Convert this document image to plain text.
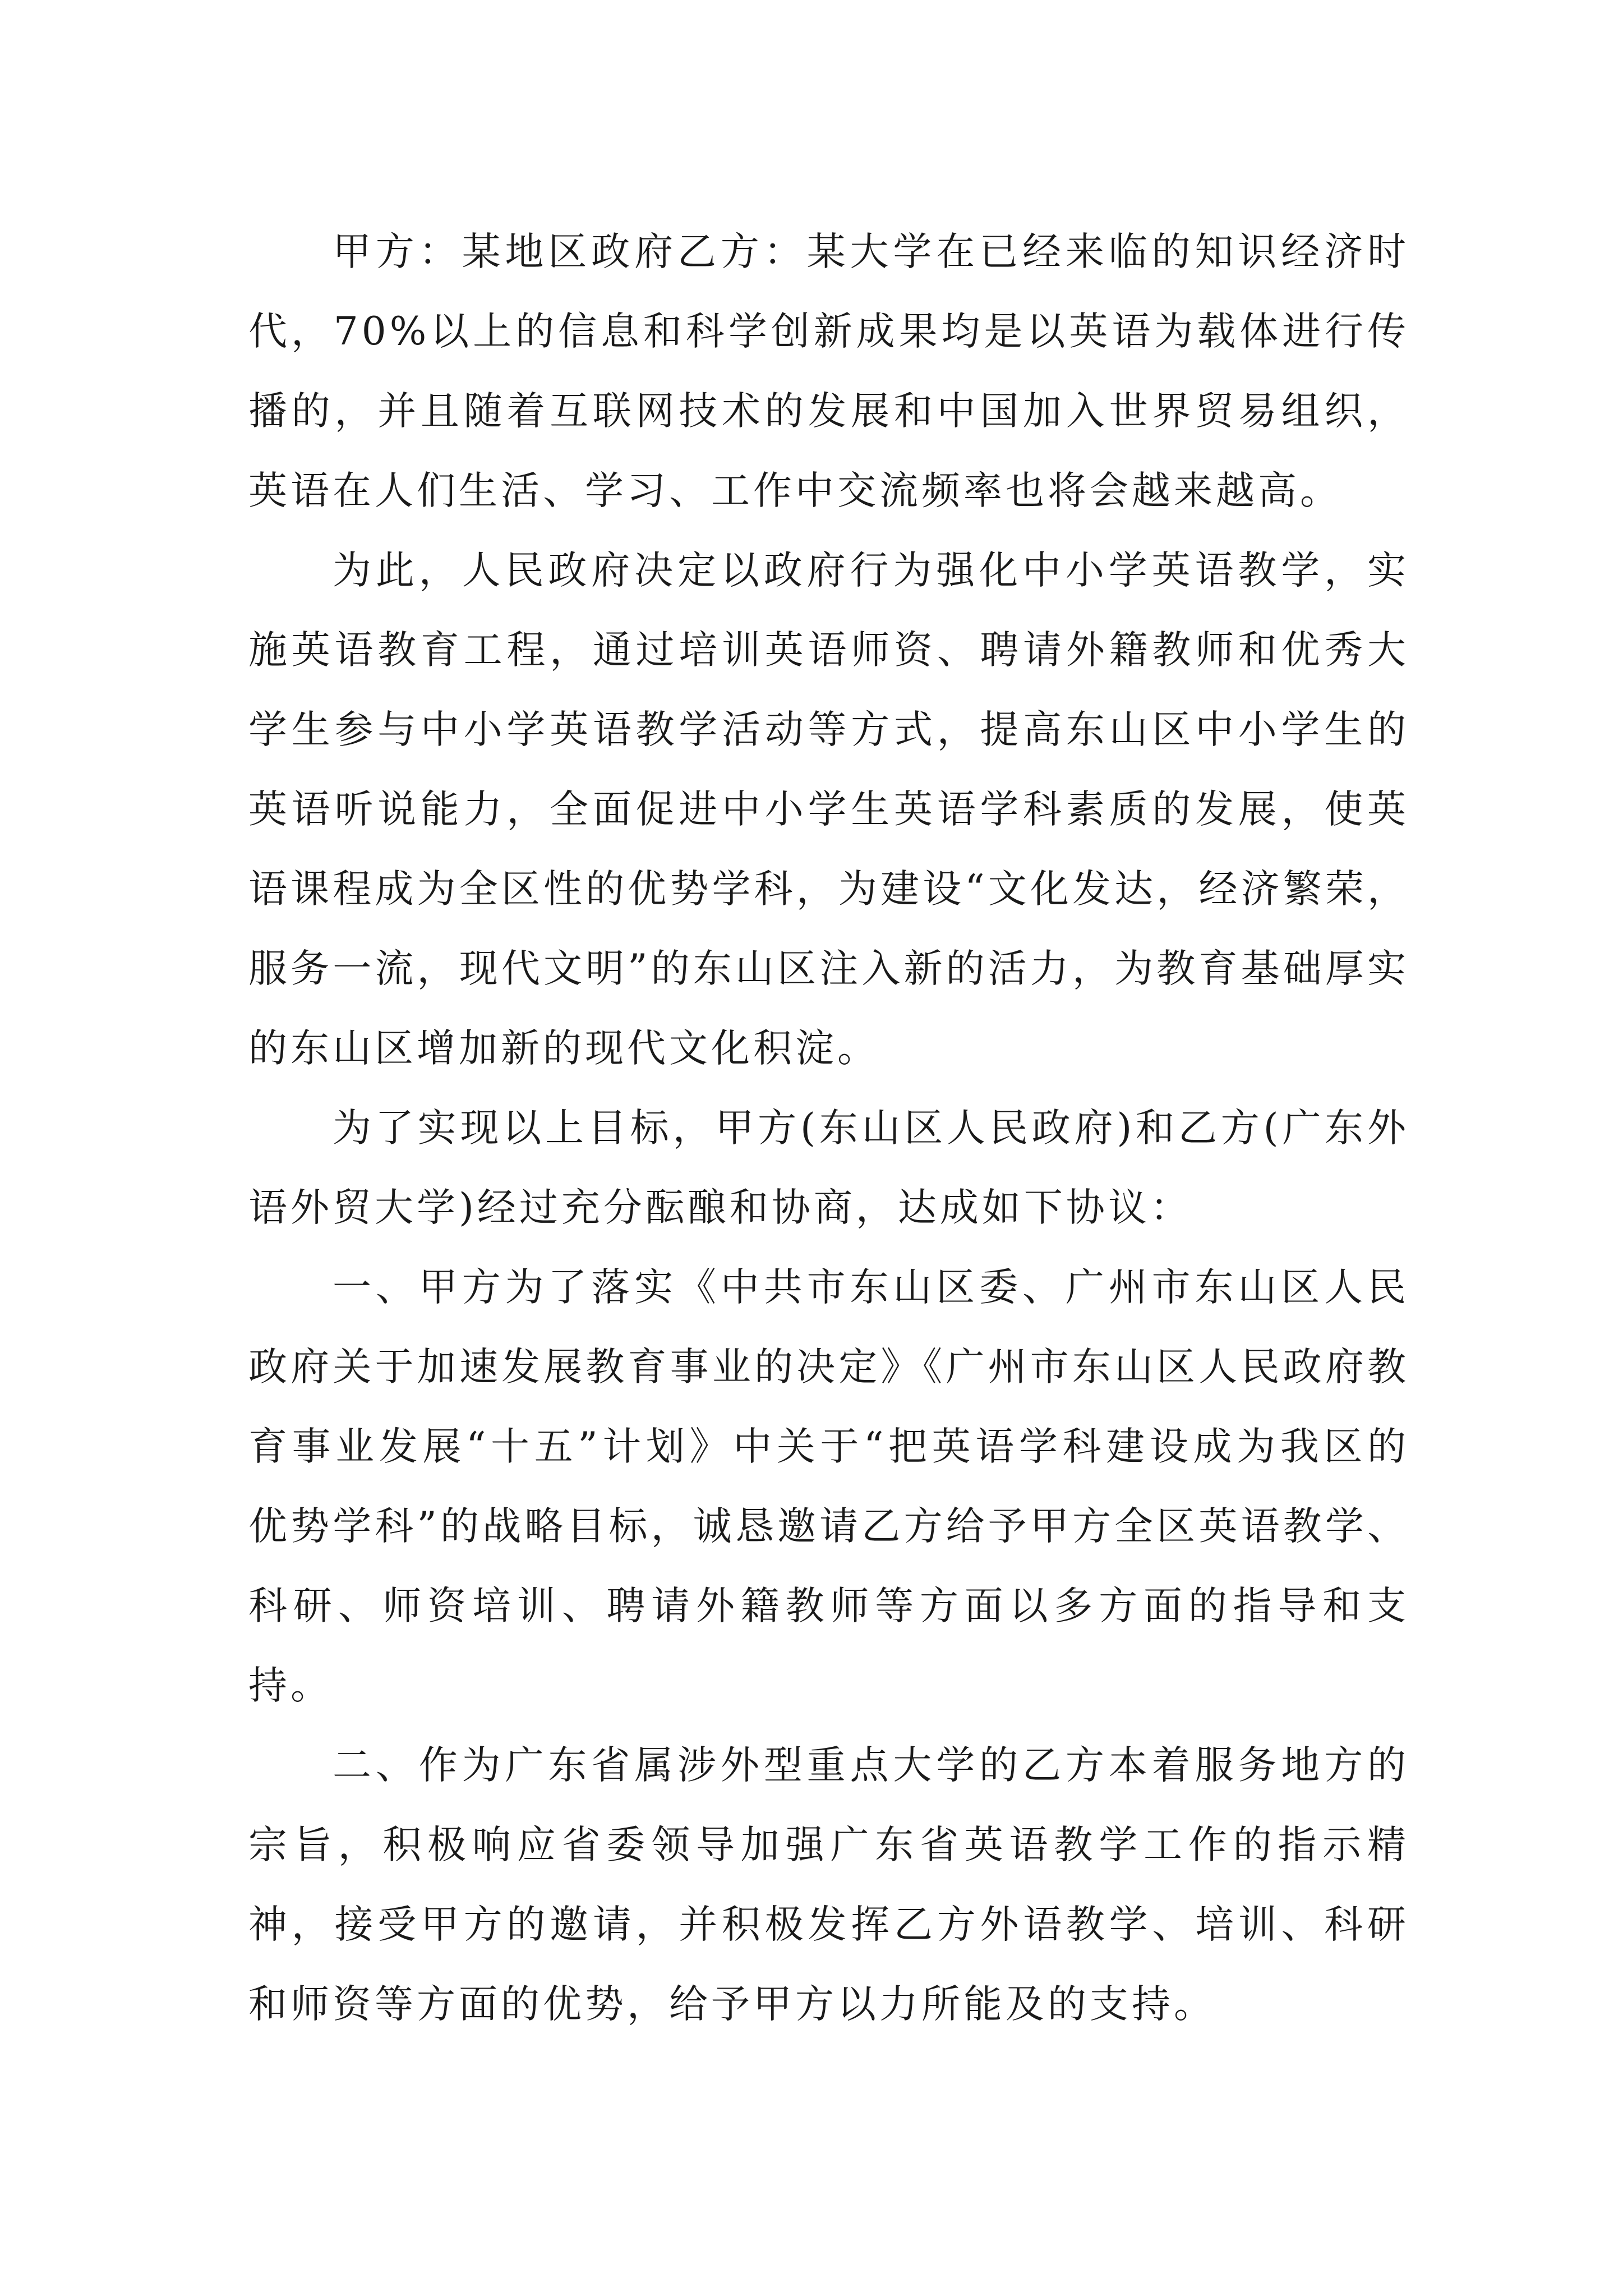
甲方：某地区政府乙方：某大学在已经来临的知识经济时代，70%以上的信息和科学创新成果均是以英语为载体进行传播的，并且随着互联网技术的发展和中国加入世界贸易组织，英语在人们生活、学习、工作中交流频率也将会越来越高。

为此，人民政府决定以政府行为强化中小学英语教学，实施英语教育工程，通过培训英语师资、聘请外籍教师和优秀大学生参与中小学英语教学活动等方式，提高东山区中小学生的英语听说能力，全面促进中小学生英语学科素质的发展，使英语课程成为全区性的优势学科，为建设“文化发达，经济繁荣，服务一流，现代文明”的东山区注入新的活力，为教育基础厚实的东山区增加新的现代文化积淀。

为了实现以上目标，甲方(东山区人民政府)和乙方(广东外语外贸大学)经过充分酝酿和协商，达成如下协议：

一、甲方为了落实《中共市东山区委、广州市东山区人民政府关于加速发展教育事业的决定》《广州市东山区人民政府教育事业发展“十五”计划》中关于“把英语学科建设成为我区的优势学科”的战略目标，诚恳邀请乙方给予甲方全区英语教学、科研、师资培训、聘请外籍教师等方面以多方面的指导和支持。

二、作为广东省属涉外型重点大学的乙方本着服务地方的宗旨，积极响应省委领导加强广东省英语教学工作的指示精神，接受甲方的邀请，并积极发挥乙方外语教学、培训、科研和师资等方面的优势，给予甲方以力所能及的支持。
